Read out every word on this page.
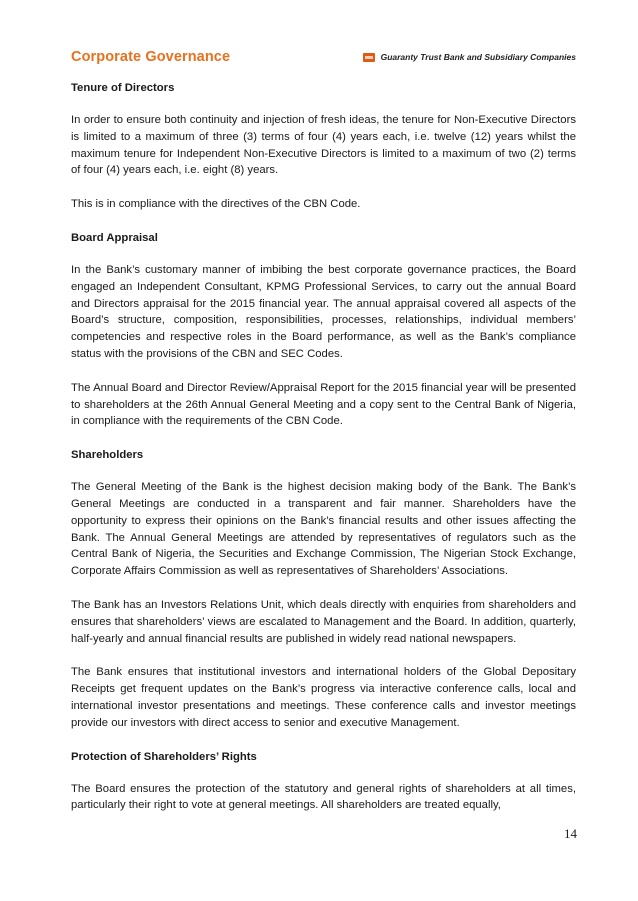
Corporate Governance	Guaranty Trust Bank and Subsidiary Companies

Tenure of Directors

In order to ensure both continuity and injection of fresh ideas, the tenure for Non-Executive Directors is limited to a maximum of three (3) terms of four (4) years each, i.e. twelve (12) years whilst the maximum tenure for Independent Non-Executive Directors is limited to a maximum of two (2) terms of four (4) years each, i.e. eight (8) years.

This is in compliance with the directives of the CBN Code.

Board Appraisal

In the Bank’s customary manner of imbibing the best corporate governance practices, the Board engaged an Independent Consultant, KPMG Professional Services, to carry out the annual Board and Directors appraisal for the 2015 financial year. The annual appraisal covered all aspects of the Board’s structure, composition, responsibilities, processes, relationships, individual members’ competencies and respective roles in the Board performance, as well as the Bank’s compliance status with the provisions of the CBN and SEC Codes.

The Annual Board and Director Review/Appraisal Report for the 2015 financial year will be presented to shareholders at the 26th Annual General Meeting and a copy sent to the Central Bank of Nigeria, in compliance with the requirements of the CBN Code.

Shareholders

The General Meeting of the Bank is the highest decision making body of the Bank. The Bank’s General Meetings are conducted in a transparent and fair manner. Shareholders have the opportunity to express their opinions on the Bank’s financial results and other issues affecting the Bank. The Annual General Meetings are attended by representatives of regulators such as the Central Bank of Nigeria, the Securities and Exchange Commission, The Nigerian Stock Exchange, Corporate Affairs Commission as well as representatives of Shareholders’ Associations.

The Bank has an Investors Relations Unit, which deals directly with enquiries from shareholders and ensures that shareholders’ views are escalated to Management and the Board. In addition, quarterly, half-yearly and annual financial results are published in widely read national newspapers.

The Bank ensures that institutional investors and international holders of the Global Depositary Receipts get frequent updates on the Bank’s progress via interactive conference calls, local and international investor presentations and meetings. These conference calls and investor meetings provide our investors with direct access to senior and executive Management.

Protection of Shareholders’ Rights

The Board ensures the protection of the statutory and general rights of shareholders at all times, particularly their right to vote at general meetings. All shareholders are treated equally,

14
